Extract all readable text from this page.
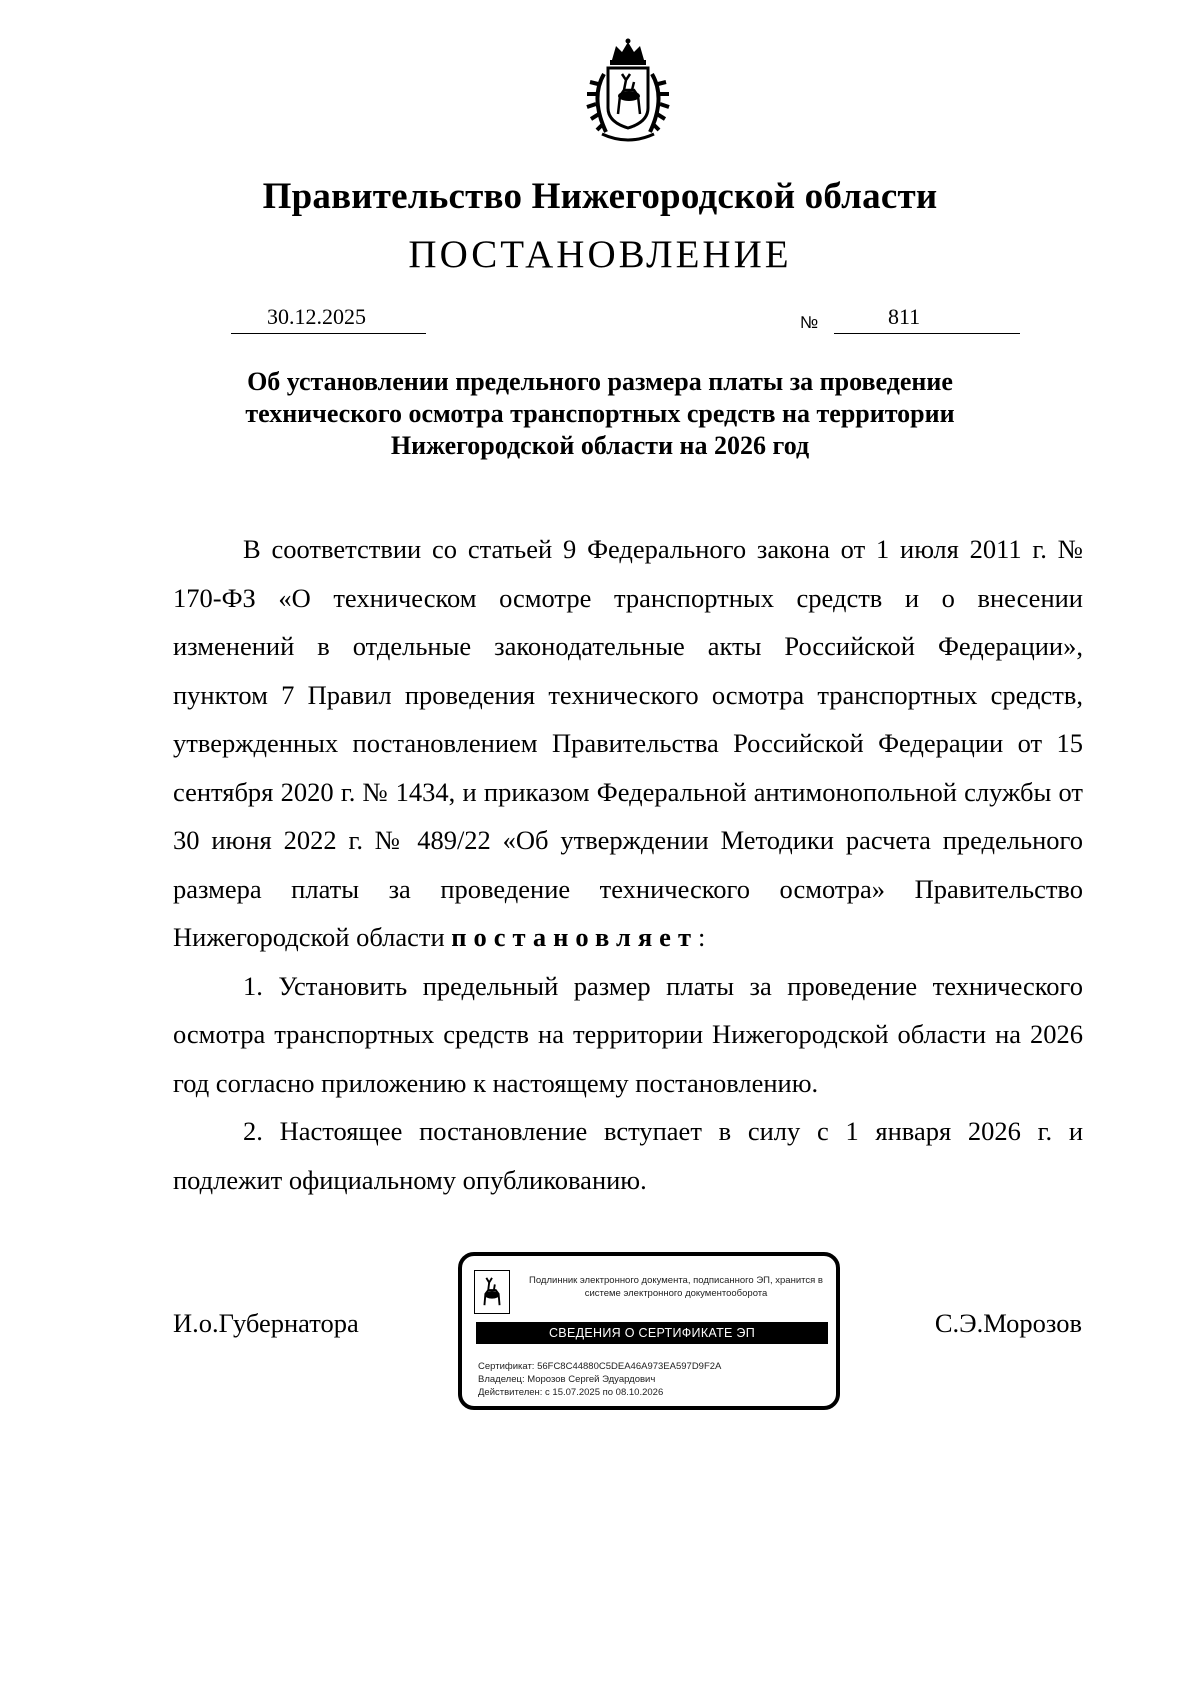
Правительство Нижегородской области
ПОСТАНОВЛЕНИЕ
30.12.2025	№	811
Об установлении предельного размера платы за проведение технического осмотра транспортных средств на территории Нижегородской области на 2026 год

В соответствии со статьей 9 Федерального закона от 1 июля 2011 г. № 170-ФЗ «О техническом осмотре транспортных средств и о внесении изменений в отдельные законодательные акты Российской Федерации», пунктом 7 Правил проведения технического осмотра транспортных средств, утвержденных постановлением Правительства Российской Федерации от 15 сентября 2020 г. № 1434, и приказом Федеральной антимонопольной службы от 30 июня 2022 г. № 489/22 «Об утверждении Методики расчета предельного размера платы за проведение технического осмотра» Правительство Нижегородской области постановляет:

1. Установить предельный размер платы за проведение технического осмотра транспортных средств на территории Нижегородской области на 2026 год согласно приложению к настоящему постановлению.

2. Настоящее постановление вступает в силу с 1 января 2026 г. и подлежит официальному опубликованию.

И.о.Губернатора
Подлинник электронного документа, подписанного ЭП, хранится в системе электронного документооборота
СВЕДЕНИЯ О СЕРТИФИКАТЕ ЭП
Сертификат: 56FC8C44880C5DEA46A973EA597D9F2A
Владелец: Морозов Сергей Эдуардович
Действителен: с 15.07.2025 по 08.10.2026
С.Э.Морозов
